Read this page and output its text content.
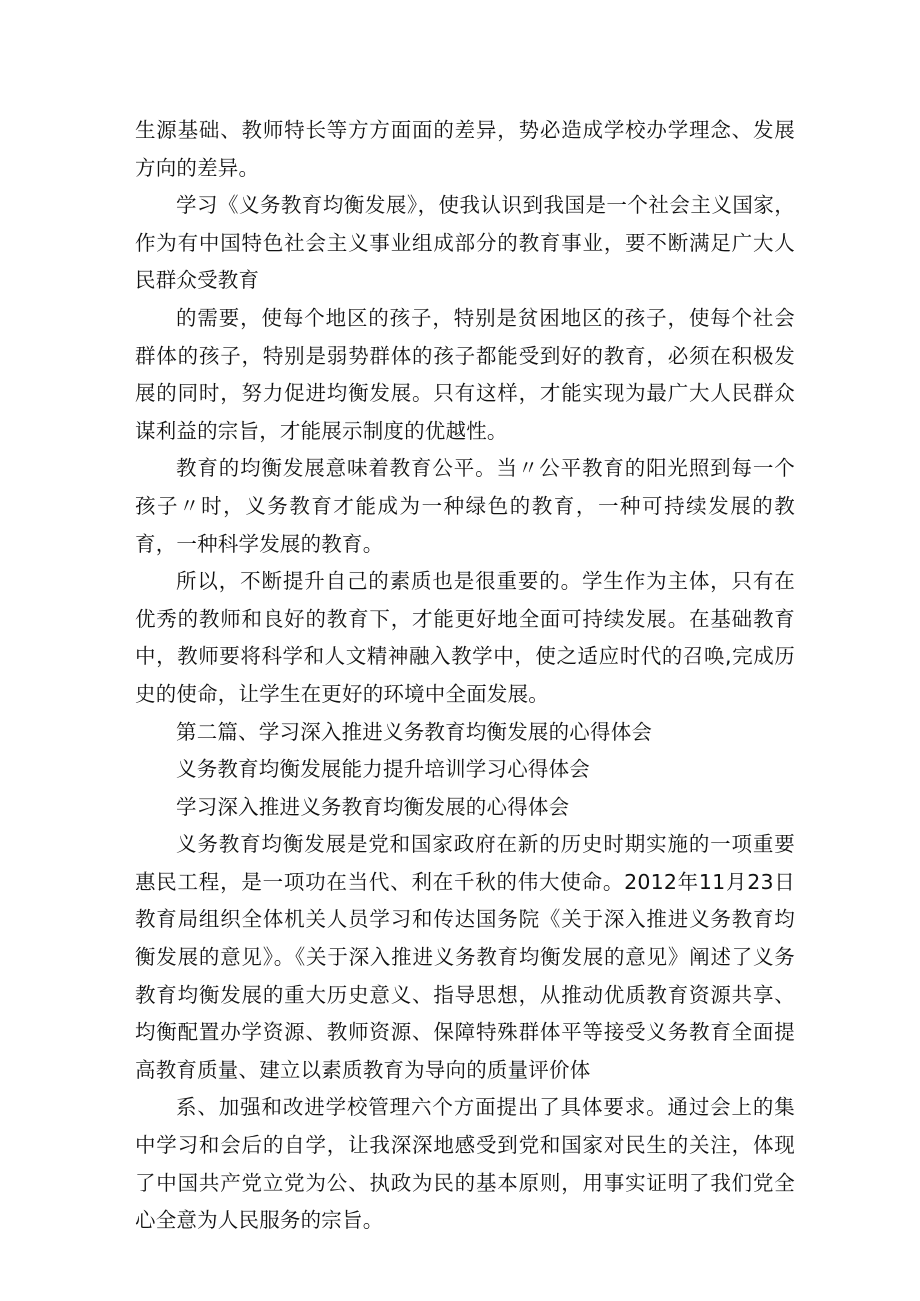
生源基础、教师特长等方方面面的差异，势必造成学校办学理念、发展方向的差异。

学习《义务教育均衡发展》，使我认识到我国是一个社会主义国家，作为有中国特色社会主义事业组成部分的教育事业，要不断满足广大人民群众受教育

的需要，使每个地区的孩子，特别是贫困地区的孩子，使每个社会群体的孩子，特别是弱势群体的孩子都能受到好的教育，必须在积极发展的同时，努力促进均衡发展。只有这样，才能实现为最广大人民群众谋利益的宗旨，才能展示制度的优越性。

教育的均衡发展意味着教育公平。当〃公平教育的阳光照到每一个孩子〃时，义务教育才能成为一种绿色的教育，一种可持续发展的教育，一种科学发展的教育。

所以，不断提升自己的素质也是很重要的。学生作为主体，只有在优秀的教师和良好的教育下，才能更好地全面可持续发展。在基础教育中，教师要将科学和人文精神融入教学中，使之适应时代的召唤,完成历史的使命，让学生在更好的环境中全面发展。

第二篇、学习深入推进义务教育均衡发展的心得体会

义务教育均衡发展能力提升培训学习心得体会

学习深入推进义务教育均衡发展的心得体会

义务教育均衡发展是党和国家政府在新的历史时期实施的一项重要惠民工程，是一项功在当代、利在千秋的伟大使命。2012年11月23日教育局组织全体机关人员学习和传达国务院《关于深入推进义务教育均衡发展的意见》。《关于深入推进义务教育均衡发展的意见》阐述了义务教育均衡发展的重大历史意义、指导思想，从推动优质教育资源共享、均衡配置办学资源、教师资源、保障特殊群体平等接受义务教育全面提高教育质量、建立以素质教育为导向的质量评价体

系、加强和改进学校管理六个方面提出了具体要求。通过会上的集中学习和会后的自学，让我深深地感受到党和国家对民生的关注，体现了中国共产党立党为公、执政为民的基本原则，用事实证明了我们党全心全意为人民服务的宗旨。
